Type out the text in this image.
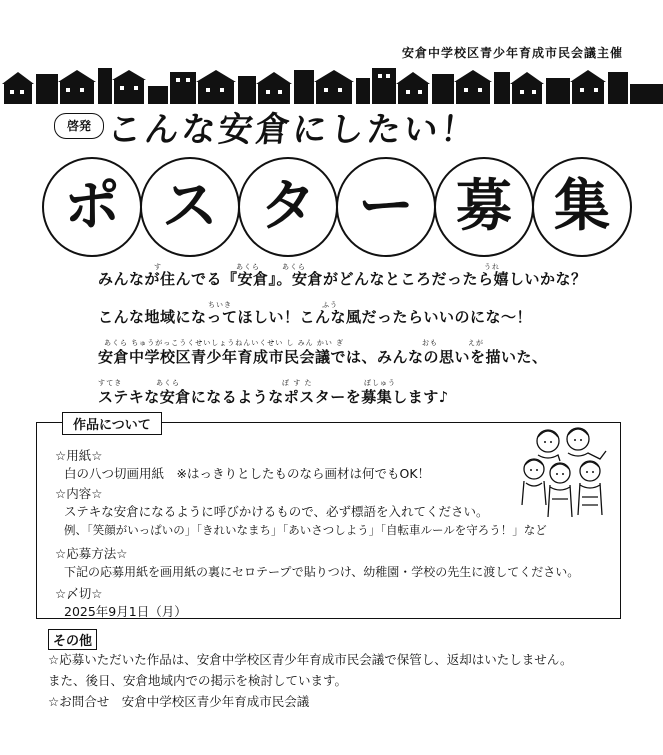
安倉中学校区青少年育成市民会議主催
啓発 こんな安倉にしたい！
ポ ス タ ー 募 集
す	あくら	あくら	うれ
ちいき	ふう
あくら ちゅうがっこうくせいしょうねんいくせい し みん かい ぎ	おも	えが
すてき	あくら	ぼ す た	ぼしゅう
みんなが住んでる『安倉』。安倉がどんなところだったら嬉しいかな？
こんな地域になってほしい！こんな風だったらいいのにな～！
安倉中学校区青少年育成市民会議では、みんなの思いを描いた、
ステキな安倉になるようなポスターを募集します♪
作品について
☆用紙☆
白の八つ切画用紙　※はっきりとしたものなら画材は何でもOK！
☆内容☆
ステキな安倉になるように呼びかけるもので、必ず標語を入れてください。
例、「笑顔がいっぱいの」「きれいなまち」「あいさつしよう」「自転車ルールを守ろう！」など
☆応募方法☆
下記の応募用紙を画用紙の裏にセロテープで貼りつけ、幼稚園・学校の先生に渡してください。
☆〆切☆
2025年9月1日（月）
その他
☆応募いただいた作品は、安倉中学校区青少年育成市民会議で保管し、返却はいたしません。
また、後日、安倉地域内での掲示を検討しています。
☆お問合せ　安倉中学校区青少年育成市民会議
